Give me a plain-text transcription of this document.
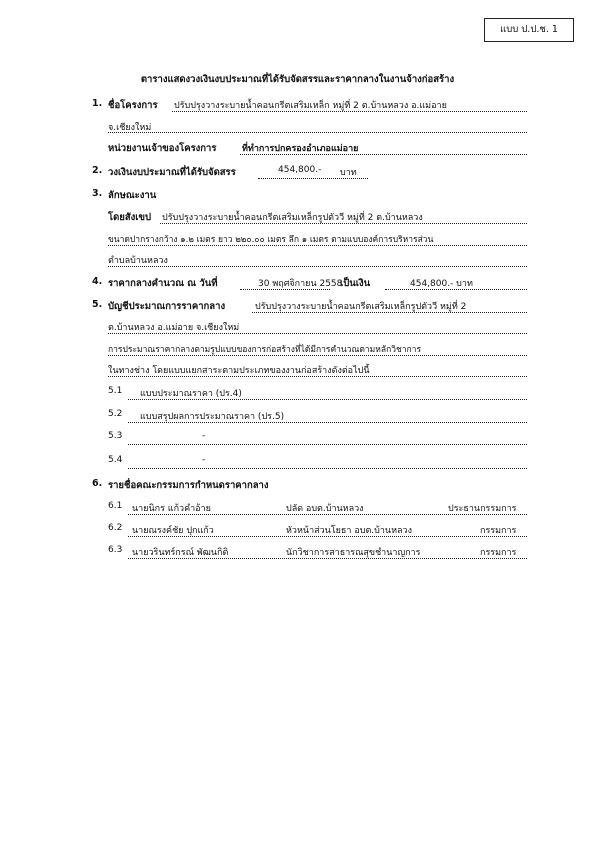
แบบ ป.ป.ช. 1
ตารางแสดงวงเงินงบประมาณที่ได้รับจัดสรรและราคากลางในงานจ้างก่อสร้าง
1. ชื่อโครงการ ปรับปรุงวางระบายน้ำคอนกรีตเสริมเหล็ก หมู่ที่ 2 ต.บ้านหลวง อ.แม่อาย
จ.เชียงใหม่
หน่วยงานเจ้าของโครงการ	ที่ทำการปกครองอำเภอแม่อาย
2. วงเงินงบประมาณที่ได้รับจัดสรร	454,800.- บาท
3. ลักษณะงาน
โดยสังเขป ปรับปรุงวางระบายน้ำคอนกรีตเสริมเหล็กรูปตัววี หมู่ที่ 2 ต.บ้านหลวง
ขนาดปากรางกว้าง ๑.๒ เมตร ยาว ๒๒๐.๐๐ เมตร ลึก ๑ เมตร ตามแบบองค์การบริหารส่วน
ตำบลบ้านหลวง
4. ราคากลางคำนวณ ณ วันที่	30 พฤศจิกายน 2558
เป็นเงิน	454,800.- บาท
5. บัญชีประมาณการราคากลาง	ปรับปรุงวางระบายน้ำคอนกรีตเสริมเหล็กรูปตัววี หมู่ที่ 2
ต.บ้านหลวง อ.แม่อาย จ.เชียงใหม่
การประมาณราคากลางตามรูปแบบของการก่อสร้างที่ได้มีการคำนวณตามหลักวิชาการ
ในทางช่าง โดยแบบแยกสาระตามประเภทของงานก่อสร้างดังต่อไปนี้
5.1 แบบประมาณราคา (ปร.4)
5.2 แบบสรุปผลการประมาณราคา (ปร.5)
5.3	-
5.4	-
6. รายชื่อคณะกรรมการกำหนดราคากลาง
6.1 นายนิกร แก้วคำอ้าย	ปลัด อบต.บ้านหลวง	ประธานกรรมการ
6.2 นายณรงค์ชัย ปุกแก้ว	หัวหน้าส่วนโยธา อบต.บ้านหลวง	กรรมการ
6.3 นายวรินทร์กรณ์ พัฒนกิติ	นักวิชาการสาธารณสุขชำนาญการ	กรรมการ
